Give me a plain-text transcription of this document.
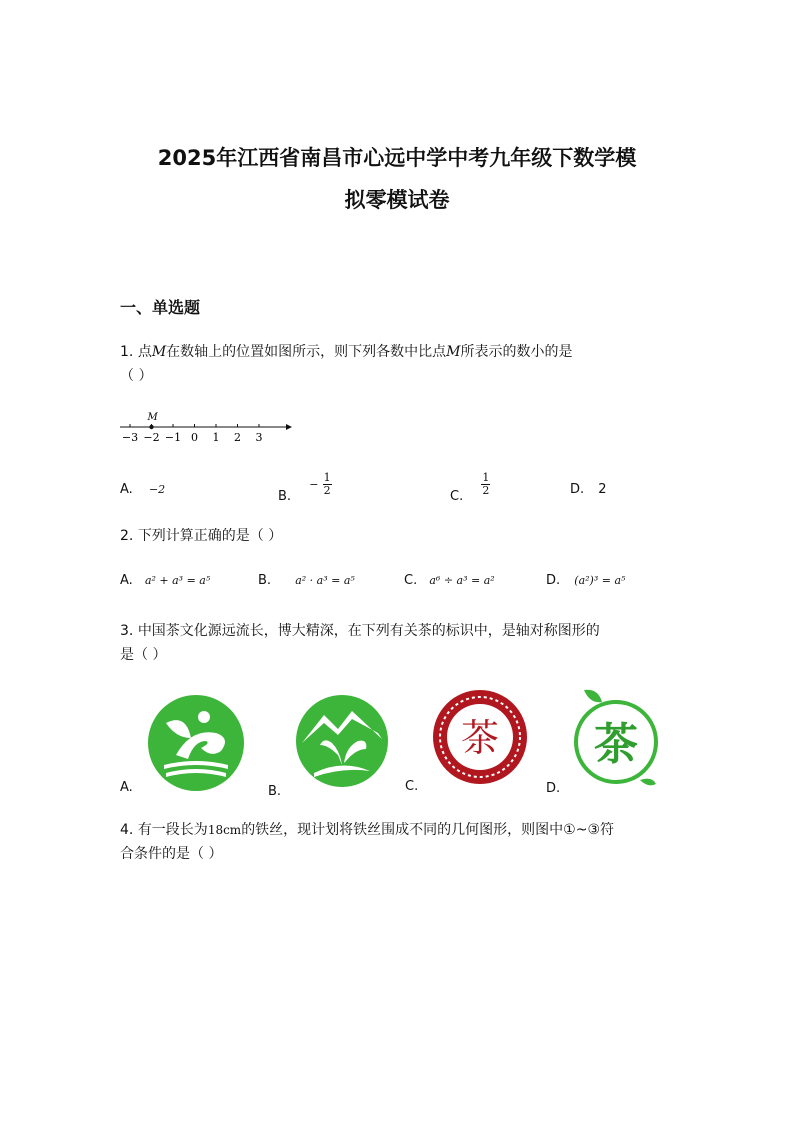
2025年江西省南昌市心远中学中考九年级下数学模
拟零模试卷
一、单选题
1. 点M在数轴上的位置如图所示，则下列各数中比点M所表示的数小的是
（ ）
−3 −2 −1 0 1 2 3
M
A. −2	B. − $\frac{1}{2}$	C. $\frac{1}{2}$	D. 2
2. 下列计算正确的是（ ）
A. a² + a³ = a⁵	B. a² · a³ = a⁵	C. a⁶ ÷ a³ = a²	D. (a²)³ = a⁵
3. 中国茶文化源远流长，博大精深，在下列有关茶的标识中，是轴对称图形的
是（ ）
茶 茶
A.	B.	C.	D.
4. 有一段长为18cm的铁丝，现计划将铁丝围成不同的几何图形，则图中①~③符
合条件的是（ ）
